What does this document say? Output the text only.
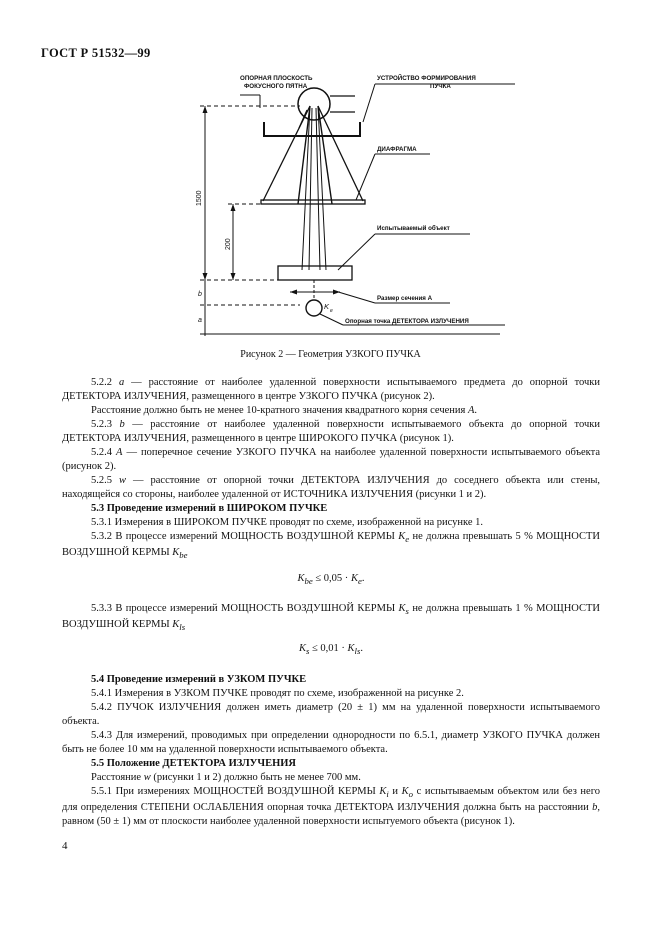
ГОСТ Р 51532—99
ОПОРНАЯ ПЛОСКОСТЬ
ФОКУСНОГО ПЯТНА
УСТРОЙСТВО ФОРМИРОВАНИЯ
ПУЧКА
ДИАФРАГМА
Испытываемый объект
Размер сечения А
Опорная точка ДЕТЕКТОРА ИЗЛУЧЕНИЯ
1500
200
b
a
K e
Рисунок 2 — Геометрия УЗКОГО ПУЧКА

5.2.2 a — расстояние от наиболее удаленной поверхности испытываемого предмета до опорной точки ДЕТЕКТОРА ИЗЛУЧЕНИЯ, размещенного в центре УЗКОГО ПУЧКА (рисунок 2).

Расстояние должно быть не менее 10-кратного значения квадратного корня сечения A.

5.2.3 b — расстояние от наиболее удаленной поверхности испытываемого объекта до опорной точки ДЕТЕКТОРА ИЗЛУЧЕНИЯ, размещенного в центре ШИРОКОГО ПУЧКА (рисунок 1).

5.2.4 A — поперечное сечение УЗКОГО ПУЧКА на наиболее удаленной поверхности испытываемого объекта (рисунок 2).

5.2.5 w — расстояние от опорной точки ДЕТЕКТОРА ИЗЛУЧЕНИЯ до соседнего объекта или стены, находящейся со стороны, наиболее удаленной от ИСТОЧНИКА ИЗЛУЧЕНИЯ (рисунки 1 и 2).

5.3 Проведение измерений в ШИРОКОМ ПУЧКЕ

5.3.1 Измерения в ШИРОКОМ ПУЧКЕ проводят по схеме, изображенной на рисунке 1.

5.3.2 В процессе измерений МОЩНОСТЬ ВОЗДУШНОЙ КЕРМЫ $K_e$ не должна превышать 5 % МОЩНОСТИ ВОЗДУШНОЙ КЕРМЫ $K_{be}$

$K_{be} \le 0,05 \cdot K_e$.

5.3.3 В процессе измерений МОЩНОСТЬ ВОЗДУШНОЙ КЕРМЫ $K_s$ не должна превышать 1 % МОЩНОСТИ ВОЗДУШНОЙ КЕРМЫ $K_{ls}$

$K_s \le 0,01 \cdot K_{ls}$.

5.4 Проведение измерений в УЗКОМ ПУЧКЕ

5.4.1 Измерения в УЗКОМ ПУЧКЕ проводят по схеме, изображенной на рисунке 2.

5.4.2 ПУЧОК ИЗЛУЧЕНИЯ должен иметь диаметр (20 ± 1) мм на удаленной поверхности испытываемого объекта.

5.4.3 Для измерений, проводимых при определении однородности по 6.5.1, диаметр УЗКОГО ПУЧКА должен быть не более 10 мм на удаленной поверхности испытываемого объекта.

5.5 Положение ДЕТЕКТОРА ИЗЛУЧЕНИЯ

Расстояние w (рисунки 1 и 2) должно быть не менее 700 мм.

5.5.1 При измерениях МОЩНОСТЕЙ ВОЗДУШНОЙ КЕРМЫ $K_i$ и $K_o$ с испытываемым объектом или без него для определения СТЕПЕНИ ОСЛАБЛЕНИЯ опорная точка ДЕТЕКТОРА ИЗЛУЧЕНИЯ должна быть на расстоянии b, равном (50 ± 1) мм от плоскости наиболее удаленной поверхности испытуемого объекта (рисунок 1).

4
